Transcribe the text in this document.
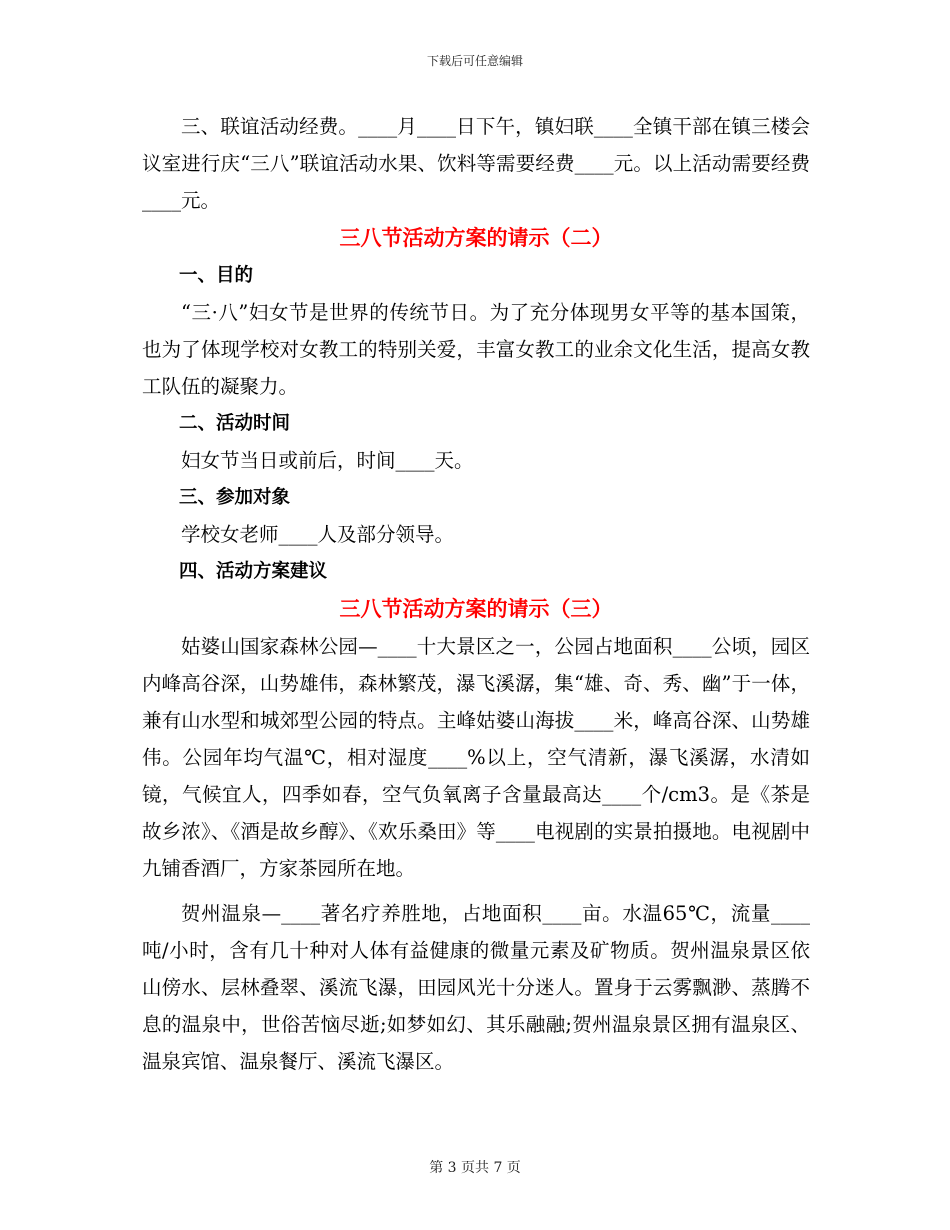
下载后可任意编辑

三、联谊活动经费。____月____日下午，镇妇联____全镇干部在镇三楼会议室进行庆“三八”联谊活动水果、饮料等需要经费____元。以上活动需要经费____元。

三八节活动方案的请示（二）

一、目的

“三·八”妇女节是世界的传统节日。为了充分体现男女平等的基本国策，也为了体现学校对女教工的特别关爱，丰富女教工的业余文化生活，提高女教工队伍的凝聚力。

二、活动时间

妇女节当日或前后，时间____天。

三、参加对象

学校女老师____人及部分领导。

四、活动方案建议

三八节活动方案的请示（三）

姑婆山国家森林公园—____十大景区之一，公园占地面积____公顷，园区内峰高谷深，山势雄伟，森林繁茂，瀑飞溪潺，集“雄、奇、秀、幽”于一体，兼有山水型和城郊型公园的特点。主峰姑婆山海拔____米，峰高谷深、山势雄伟。公园年均气温℃，相对湿度____%以上，空气清新，瀑飞溪潺，水清如镜，气候宜人，四季如春，空气负氧离子含量最高达____个/cm3。是《茶是故乡浓》、《酒是故乡醇》、《欢乐桑田》等____电视剧的实景拍摄地。电视剧中九铺香酒厂，方家茶园所在地。

贺州温泉—____著名疗养胜地，占地面积____亩。水温65℃，流量____吨/小时，含有几十种对人体有益健康的微量元素及矿物质。贺州温泉景区依山傍水、层林叠翠、溪流飞瀑，田园风光十分迷人。置身于云雾飘渺、蒸腾不息的温泉中，世俗苦恼尽逝;如梦如幻、其乐融融;贺州温泉景区拥有温泉区、温泉宾馆、温泉餐厅、溪流飞瀑区。

第 3 页共 7 页
